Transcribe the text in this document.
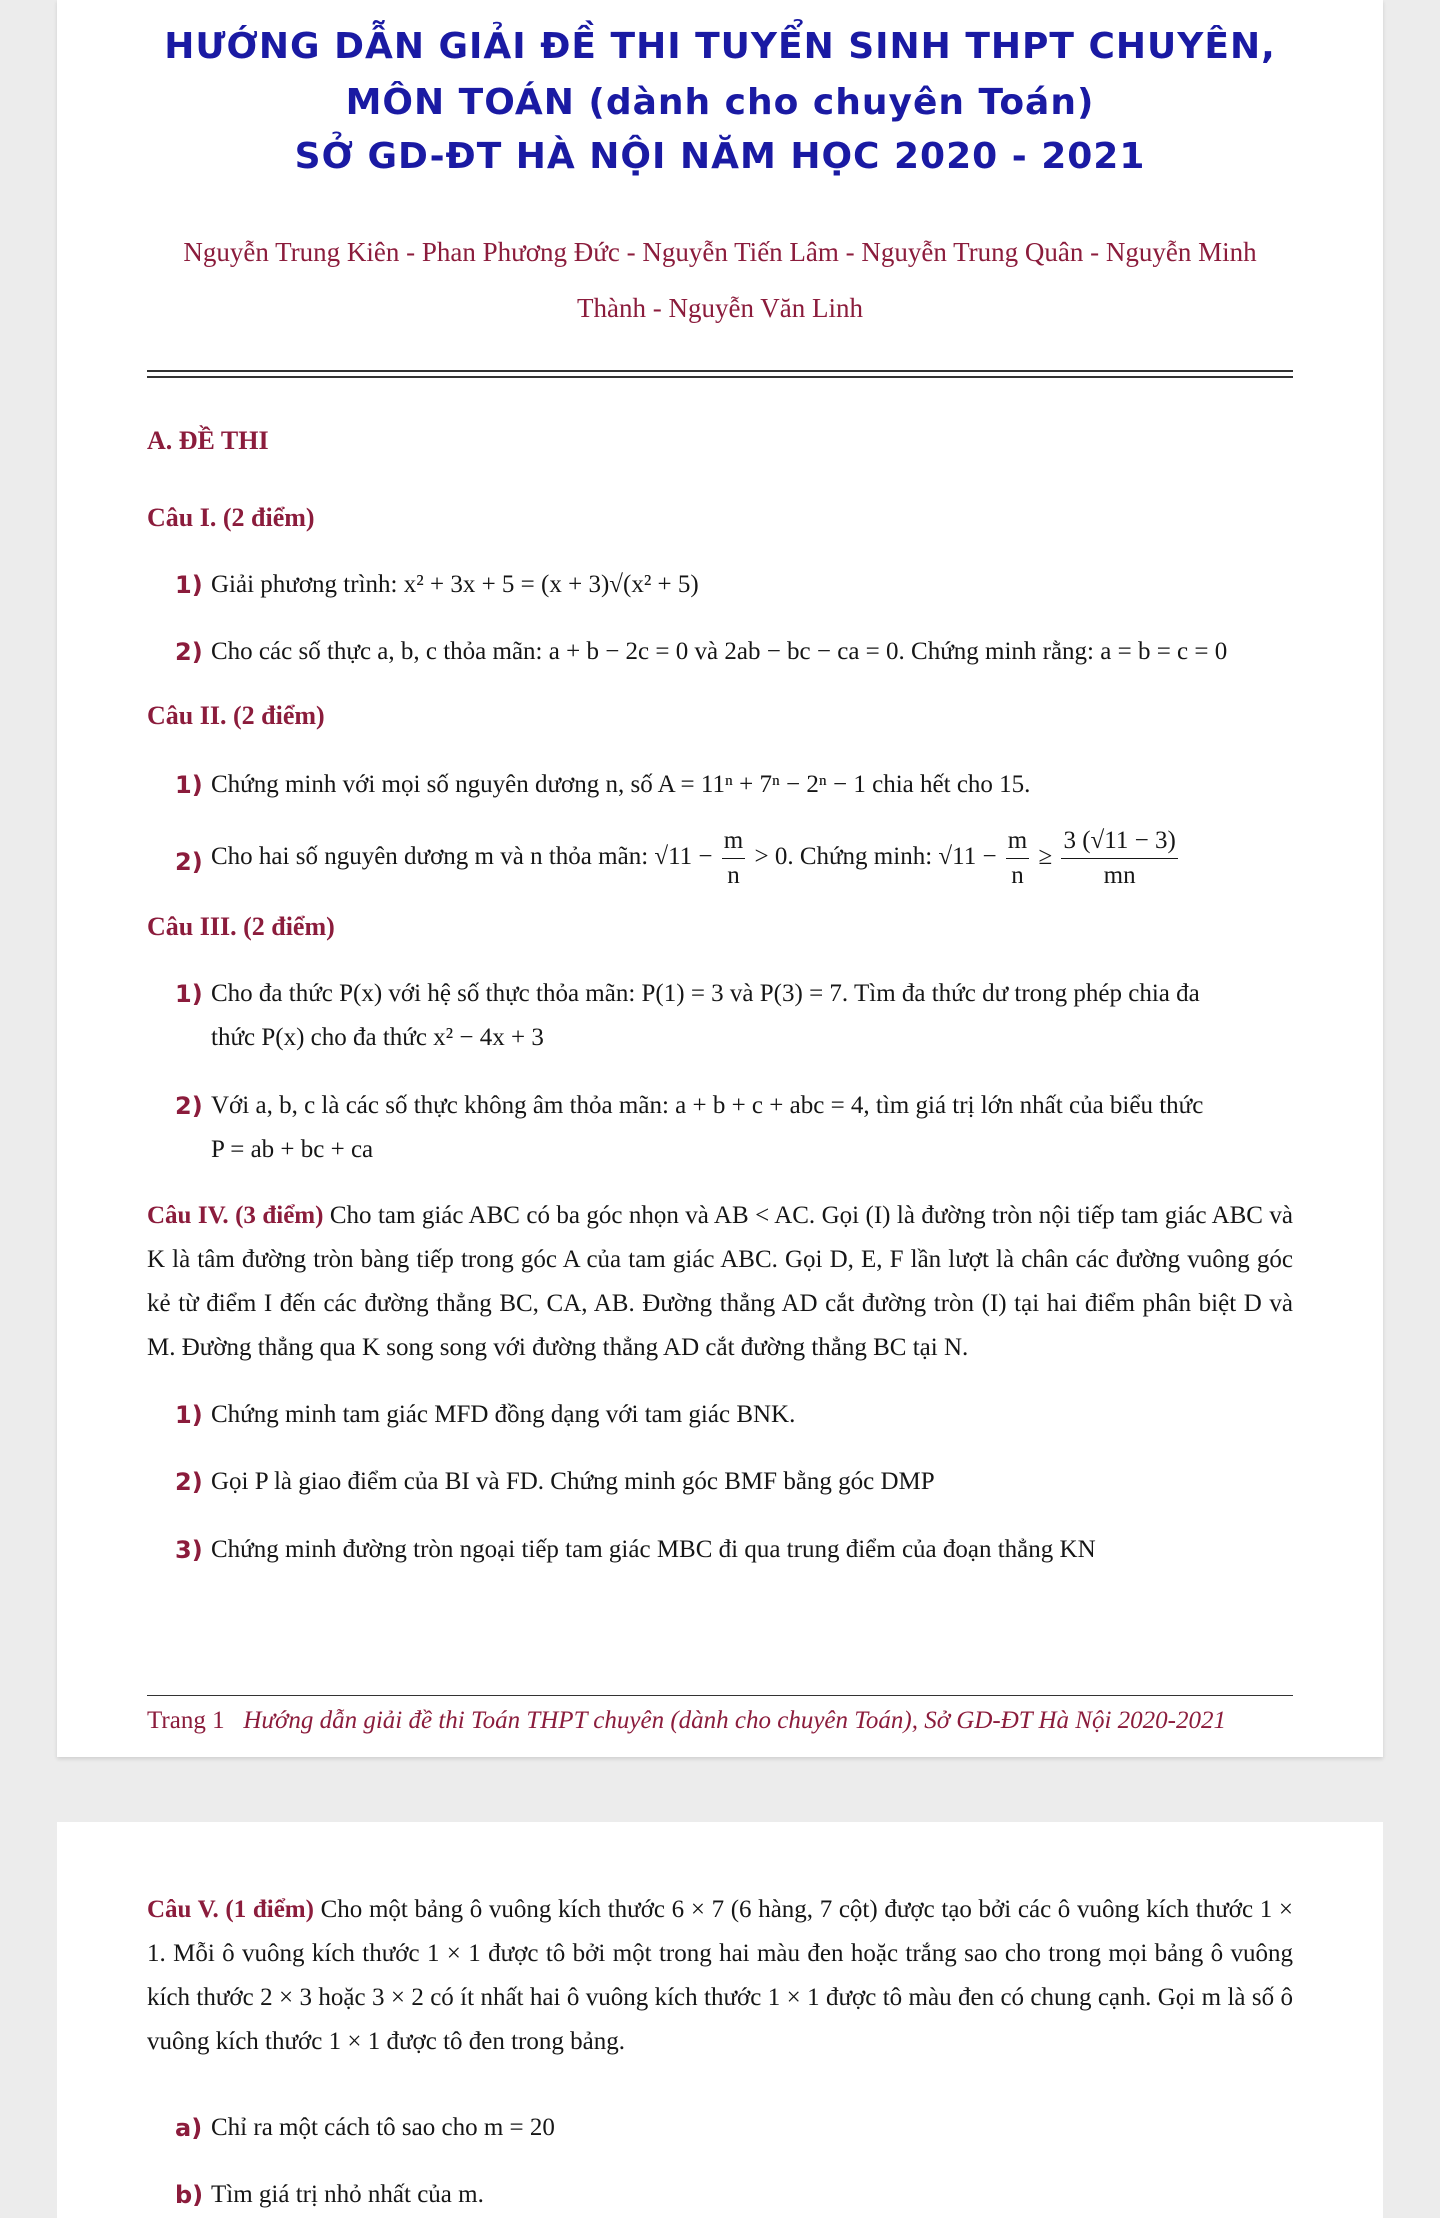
HƯỚNG DẪN GIẢI ĐỀ THI TUYỂN SINH THPT CHUYÊN,
MÔN TOÁN (dành cho chuyên Toán)
SỞ GD-ĐT HÀ NỘI NĂM HỌC 2020 - 2021
Nguyễn Trung Kiên - Phan Phương Đức - Nguyễn Tiến Lâm - Nguyễn Trung Quân - Nguyễn Minh
Thành - Nguyễn Văn Linh
A. ĐỀ THI
Câu I. (2 điểm)
1) Giải phương trình: x² + 3x + 5 = (x + 3)√(x² + 5)
2) Cho các số thực a, b, c thỏa mãn: a + b − 2c = 0 và 2ab − bc − ca = 0. Chứng minh rằng: a = b = c = 0
Câu II. (2 điểm)
1) Chứng minh với mọi số nguyên dương n, số A = 11ⁿ + 7ⁿ − 2ⁿ − 1 chia hết cho 15.
2) Cho hai số nguyên dương m và n thỏa mãn: $√11 - \frac{m}{n} > 0$. Chứng minh: $√11 - \frac{m}{n} \ge \frac{3 (√11 - 3)}{mn}$
Câu III. (2 điểm)
1) Cho đa thức P(x) với hệ số thực thỏa mãn: P(1) = 3 và P(3) = 7. Tìm đa thức dư trong phép chia đa
thức P(x) cho đa thức x² − 4x + 3
2) Với a, b, c là các số thực không âm thỏa mãn: a + b + c + abc = 4, tìm giá trị lớn nhất của biểu thức
P = ab + bc + ca
Câu IV. (3 điểm) Cho tam giác ABC có ba góc nhọn và AB < AC. Gọi (I) là đường tròn nội tiếp tam giác ABC và K là tâm đường tròn bàng tiếp trong góc A của tam giác ABC. Gọi D, E, F lần lượt là chân các đường vuông góc kẻ từ điểm I đến các đường thẳng BC, CA, AB. Đường thẳng AD cắt đường tròn (I) tại hai điểm phân biệt D và M. Đường thẳng qua K song song với đường thẳng AD cắt đường thẳng BC tại N.
1) Chứng minh tam giác MFD đồng dạng với tam giác BNK.
2) Gọi P là giao điểm của BI và FD. Chứng minh góc BMF bằng góc DMP
3) Chứng minh đường tròn ngoại tiếp tam giác MBC đi qua trung điểm của đoạn thẳng KN
Trang 1 Hướng dẫn giải đề thi Toán THPT chuyên (dành cho chuyên Toán), Sở GD-ĐT Hà Nội 2020-2021
Câu V. (1 điểm) Cho một bảng ô vuông kích thước 6 × 7 (6 hàng, 7 cột) được tạo bởi các ô vuông kích thước 1 × 1. Mỗi ô vuông kích thước 1 × 1 được tô bởi một trong hai màu đen hoặc trắng sao cho trong mọi bảng ô vuông kích thước 2 × 3 hoặc 3 × 2 có ít nhất hai ô vuông kích thước 1 × 1 được tô màu đen có chung cạnh. Gọi m là số ô vuông kích thước 1 × 1 được tô đen trong bảng.
a) Chỉ ra một cách tô sao cho m = 20
b) Tìm giá trị nhỏ nhất của m.
